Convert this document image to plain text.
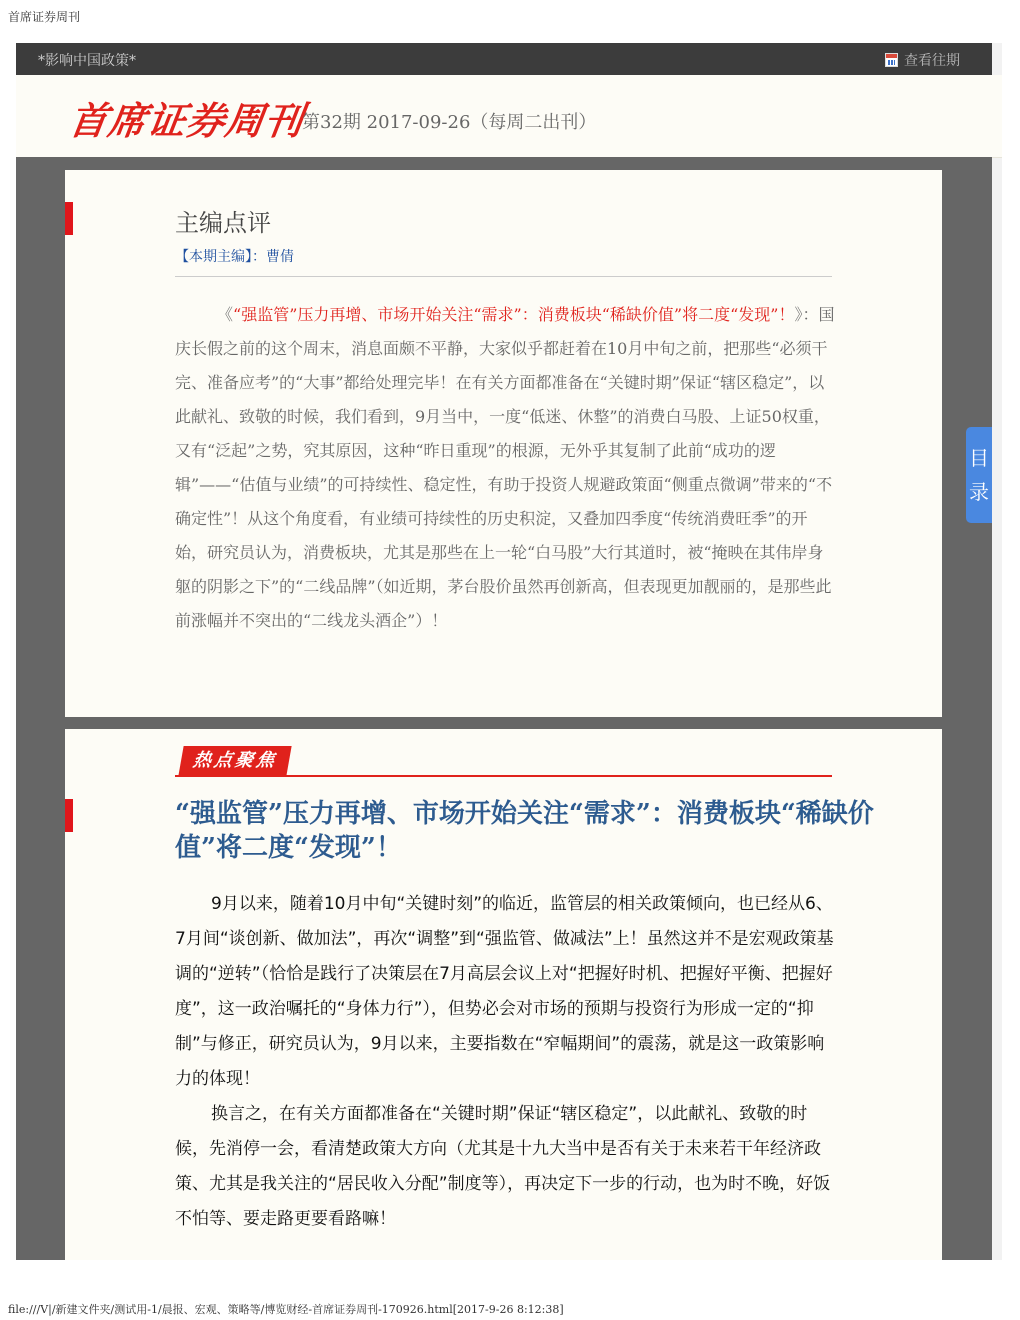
首席证券周刊
*影响中国政策*	查看往期
首席证券周刊
第32期 2017-09-26（每周二出刊）
主编点评
【本期主编】：曹倩

《“强监管”压力再增、市场开始关注“需求”：消费板块“稀缺价值”将二度“发现”！》：国庆长假之前的这个周末，消息面颇不平静，大家似乎都赶着在10月中旬之前，把那些“必须干完、准备应考”的“大事”都给处理完毕！在有关方面都准备在“关键时期”保证“辖区稳定”，以此献礼、致敬的时候，我们看到，9月当中，一度“低迷、休整”的消费白马股、上证50权重，又有“泛起”之势，究其原因，这种“昨日重现”的根源，无外乎其复制了此前“成功的逻辑”——“估值与业绩”的可持续性、稳定性，有助于投资人规避政策面“侧重点微调”带来的“不确定性”！从这个角度看，有业绩可持续性的历史积淀，又叠加四季度“传统消费旺季”的开始，研究员认为，消费板块，尤其是那些在上一轮“白马股”大行其道时，被“掩映在其伟岸身躯的阴影之下”的“二线品牌”（如近期，茅台股价虽然再创新高，但表现更加靓丽的，是那些此前涨幅并不突出的“二线龙头酒企”）！

热点聚焦
“强监管”压力再增、市场开始关注“需求”：消费板块“稀缺价值”将二度“发现”！

9月以来，随着10月中旬“关键时刻”的临近，监管层的相关政策倾向，也已经从6、7月间“谈创新、做加法”，再次“调整”到“强监管、做减法”上！虽然这并不是宏观政策基调的“逆转”（恰恰是践行了决策层在7月高层会议上对“把握好时机、把握好平衡、把握好度”，这一政治嘱托的“身体力行”），但势必会对市场的预期与投资行为形成一定的“抑制”与修正，研究员认为，9月以来，主要指数在“窄幅期间”的震荡，就是这一政策影响力的体现！

换言之，在有关方面都准备在“关键时期”保证“辖区稳定”，以此献礼、致敬的时候，先消停一会，看清楚政策大方向（尤其是十九大当中是否有关于未来若干年经济政策、尤其是我关注的“居民收入分配”制度等），再决定下一步的行动，也为时不晚，好饭不怕等、要走路更要看路嘛！

目录
file:///V|/新建文件夹/测试用-1/晨报、宏观、策略等/博览财经-首席证券周刊-170926.html[2017-9-26 8:12:38]
